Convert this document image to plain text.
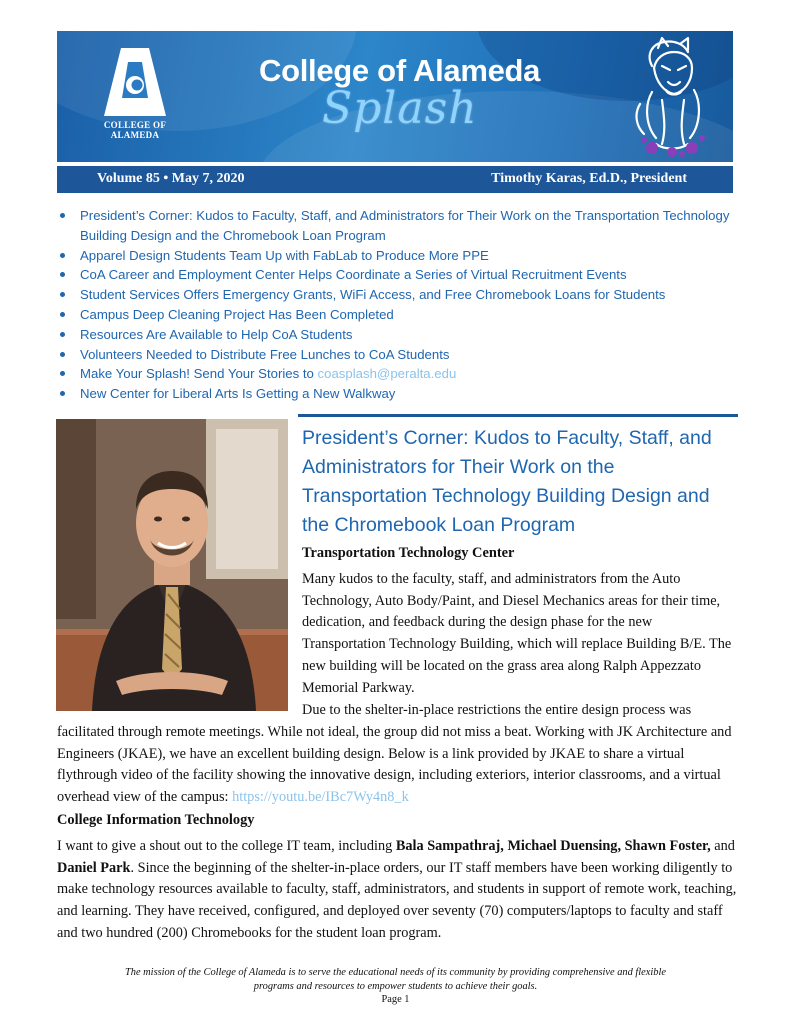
COLLEGE OF
ALAMEDA
College of Alameda
Splash
Volume 85 • May 7, 2020	Timothy Karas, Ed.D., President
President’s Corner: Kudos to Faculty, Staff, and Administrators for Their Work on the Transportation Technology Building Design and the Chromebook Loan Program
Apparel Design Students Team Up with FabLab to Produce More PPE
CoA Career and Employment Center Helps Coordinate a Series of Virtual Recruitment Events
Student Services Offers Emergency Grants, WiFi Access, and Free Chromebook Loans for Students
Campus Deep Cleaning Project Has Been Completed
Resources Are Available to Help CoA Students
Volunteers Needed to Distribute Free Lunches to CoA Students
Make Your Splash! Send Your Stories to coasplash@peralta.edu
New Center for Liberal Arts Is Getting a New Walkway
President’s Corner: Kudos to Faculty, Staff, and Administrators for Their Work on the Transportation Technology Building Design and the Chromebook Loan Program
Transportation Technology Center
Many kudos to the faculty, staff, and administrators from the Auto Technology, Auto Body/Paint, and Diesel Mechanics areas for their time, dedication, and feedback during the design phase for the new Transportation Technology Building, which will replace Building B/E. The new building will be located on the grass area along Ralph Appezzato Memorial Parkway.
Due to the shelter-in-place restrictions the entire design process was
facilitated through remote meetings. While not ideal, the group did not miss a beat. Working with JK Architecture and Engineers (JKAE), we have an excellent building design. Below is a link provided by JKAE to share a virtual flythrough video of the facility showing the innovative design, including exteriors, interior classrooms, and a virtual overhead view of the campus: https://youtu.be/IBc7Wy4n8_k
College Information Technology
I want to give a shout out to the college IT team, including Bala Sampathraj, Michael Duensing, Shawn Foster, and Daniel Park. Since the beginning of the shelter-in-place orders, our IT staff members have been working diligently to make technology resources available to faculty, staff, administrators, and students in support of remote work, teaching, and learning. They have received, configured, and deployed over seventy (70) computers/laptops to faculty and staff and two hundred (200) Chromebooks for the student loan program.
The mission of the College of Alameda is to serve the educational needs of its community by providing comprehensive and flexible programs and resources to empower students to achieve their goals.
Page 1
